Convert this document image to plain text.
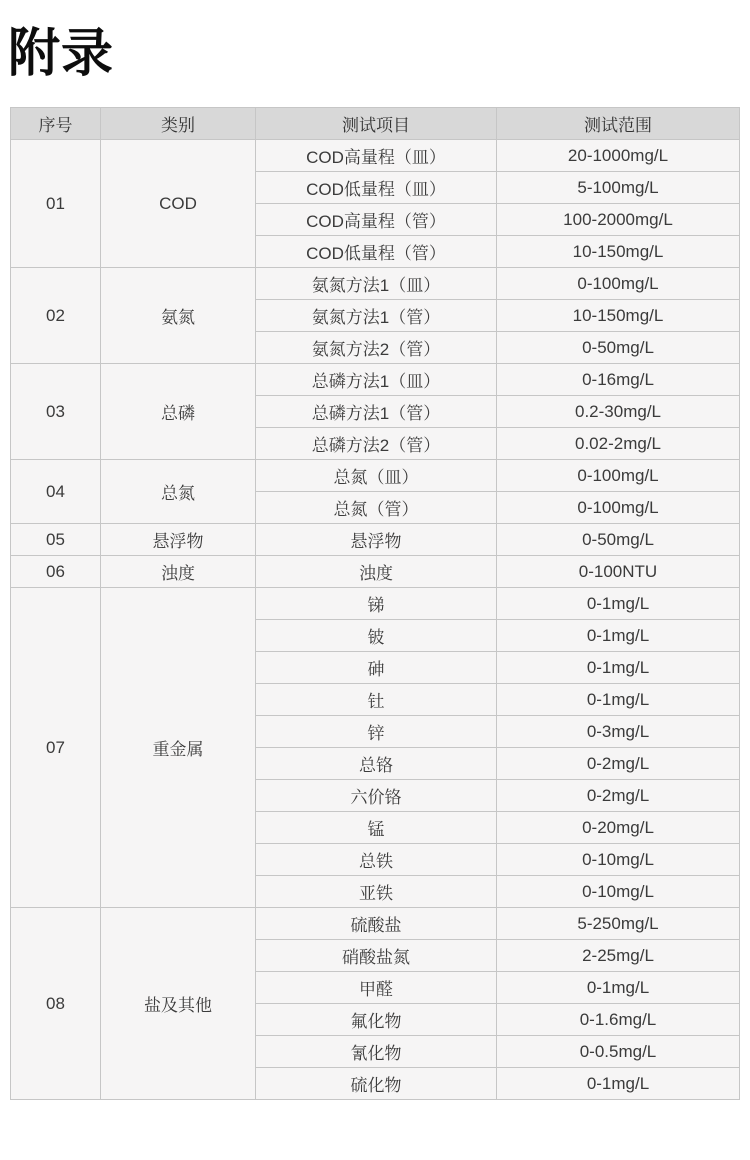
附录
序号	类别	测试项目	测试范围
01	COD	COD高量程（皿）	20-1000mg/L
		COD低量程（皿）	5-100mg/L
		COD高量程（管）	100-2000mg/L
		COD低量程（管）	10-150mg/L
02	氨氮	氨氮方法1（皿）	0-100mg/L
		氨氮方法1（管）	10-150mg/L
		氨氮方法2（管）	0-50mg/L
03	总磷	总磷方法1（皿）	0-16mg/L
		总磷方法1（管）	0.2-30mg/L
		总磷方法2（管）	0.02-2mg/L
04	总氮	总氮（皿）	0-100mg/L
		总氮（管）	0-100mg/L
05	悬浮物	悬浮物	0-50mg/L
06	浊度	浊度	0-100NTU
07	重金属	锑	0-1mg/L
		铍	0-1mg/L
		砷	0-1mg/L
		钍	0-1mg/L
		锌	0-3mg/L
		总铬	0-2mg/L
		六价铬	0-2mg/L
		锰	0-20mg/L
		总铁	0-10mg/L
		亚铁	0-10mg/L
08	盐及其他	硫酸盐	5-250mg/L
		硝酸盐氮	2-25mg/L
		甲醛	0-1mg/L
		氟化物	0-1.6mg/L
		氰化物	0-0.5mg/L
		硫化物	0-1mg/L
